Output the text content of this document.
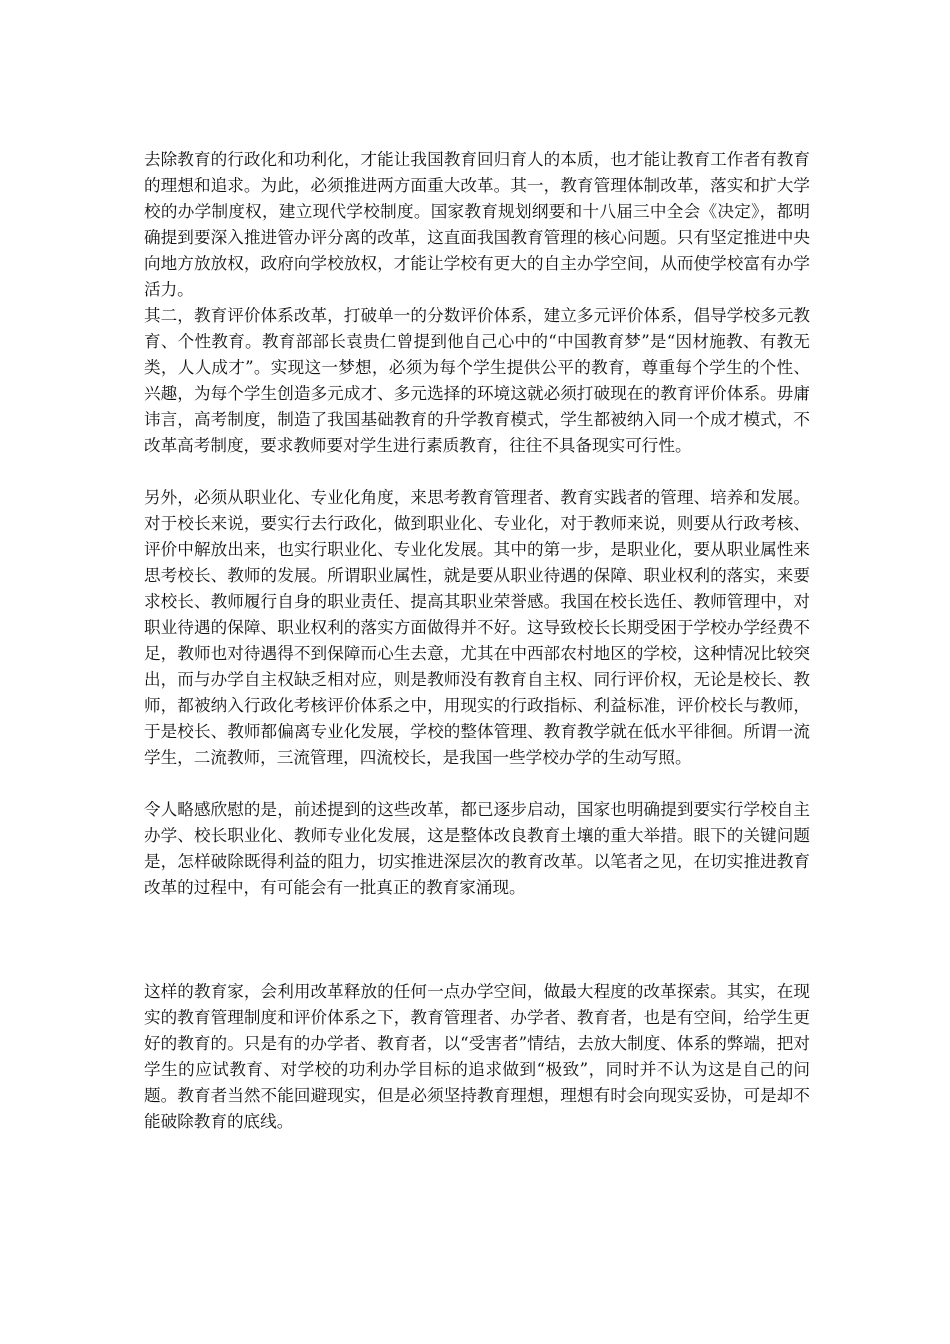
去除教育的行政化和功利化，才能让我国教育回归育人的本质，也才能让教育工作者有教育的理想和追求。为此，必须推进两方面重大改革。其一，教育管理体制改革，落实和扩大学校的办学制度权，建立现代学校制度。国家教育规划纲要和十八届三中全会《决定》，都明确提到要深入推进管办评分离的改革，这直面我国教育管理的核心问题。只有坚定推进中央向地方放放权，政府向学校放权，才能让学校有更大的自主办学空间，从而使学校富有办学活力。

其二，教育评价体系改革，打破单一的分数评价体系，建立多元评价体系，倡导学校多元教育、个性教育。教育部部长袁贵仁曾提到他自己心中的“中国教育梦”是“因材施教、有教无类，人人成才”。实现这一梦想，必须为每个学生提供公平的教育，尊重每个学生的个性、兴趣，为每个学生创造多元成才、多元选择的环境这就必须打破现在的教育评价体系。毋庸讳言，高考制度，制造了我国基础教育的升学教育模式，学生都被纳入同一个成才模式，不改革高考制度，要求教师要对学生进行素质教育，往往不具备现实可行性。

另外，必须从职业化、专业化角度，来思考教育管理者、教育实践者的管理、培养和发展。对于校长来说，要实行去行政化，做到职业化、专业化，对于教师来说，则要从行政考核、评价中解放出来，也实行职业化、专业化发展。其中的第一步，是职业化，要从职业属性来思考校长、教师的发展。所谓职业属性，就是要从职业待遇的保障、职业权利的落实，来要求校长、教师履行自身的职业责任、提高其职业荣誉感。我国在校长选任、教师管理中，对职业待遇的保障、职业权利的落实方面做得并不好。这导致校长长期受困于学校办学经费不足，教师也对待遇得不到保障而心生去意，尤其在中西部农村地区的学校，这种情况比较突出，而与办学自主权缺乏相对应，则是教师没有教育自主权、同行评价权，无论是校长、教师，都被纳入行政化考核评价体系之中，用现实的行政指标、利益标准，评价校长与教师，于是校长、教师都偏离专业化发展，学校的整体管理、教育教学就在低水平徘徊。所谓一流学生，二流教师，三流管理，四流校长，是我国一些学校办学的生动写照。

令人略感欣慰的是，前述提到的这些改革，都已逐步启动，国家也明确提到要实行学校自主办学、校长职业化、教师专业化发展，这是整体改良教育土壤的重大举措。眼下的关键问题是，怎样破除既得利益的阻力，切实推进深层次的教育改革。以笔者之见，在切实推进教育改革的过程中，有可能会有一批真正的教育家涌现。

这样的教育家，会利用改革释放的任何一点办学空间，做最大程度的改革探索。其实，在现实的教育管理制度和评价体系之下，教育管理者、办学者、教育者，也是有空间，给学生更好的教育的。只是有的办学者、教育者，以“受害者”情结，去放大制度、体系的弊端，把对学生的应试教育、对学校的功利办学目标的追求做到“极致”，同时并不认为这是自己的问题。教育者当然不能回避现实，但是必须坚持教育理想，理想有时会向现实妥协，可是却不能破除教育的底线。
